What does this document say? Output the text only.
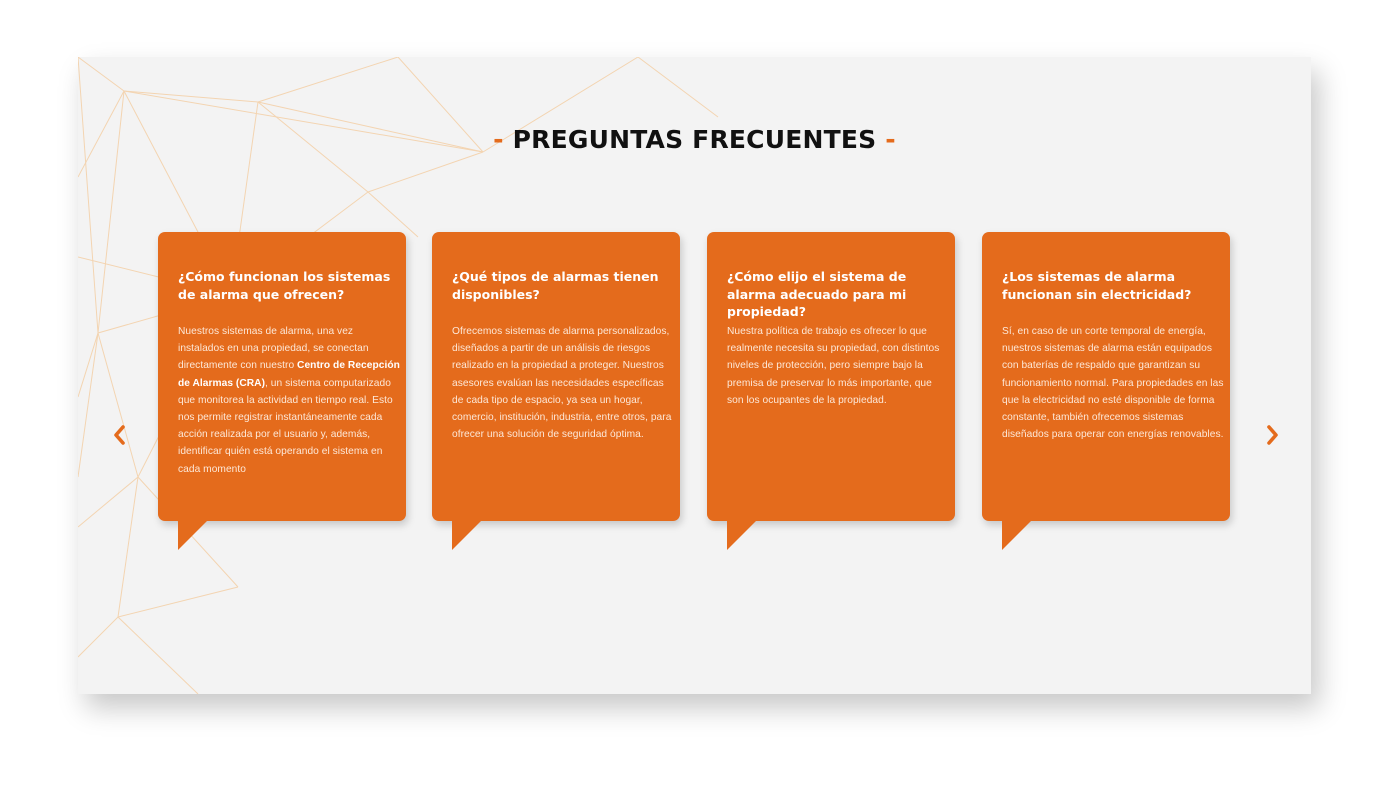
- PREGUNTAS FRECUENTES -
¿Cómo funcionan los sistemas de alarma que ofrecen?

Nuestros sistemas de alarma, una vez instalados en una propiedad, se conectan directamente con nuestro Centro de Recepción de Alarmas (CRA), un sistema computarizado que monitorea la actividad en tiempo real. Esto nos permite registrar instantáneamente cada acción realizada por el usuario y, además, identificar quién está operando el sistema en cada momento

¿Qué tipos de alarmas tienen disponibles?

Ofrecemos sistemas de alarma personalizados, diseñados a partir de un análisis de riesgos realizado en la propiedad a proteger. Nuestros asesores evalúan las necesidades específicas de cada tipo de espacio, ya sea un hogar, comercio, institución, industria, entre otros, para ofrecer una solución de seguridad óptima.

¿Cómo elijo el sistema de alarma adecuado para mi propiedad?

Nuestra política de trabajo es ofrecer lo que realmente necesita su propiedad, con distintos niveles de protección, pero siempre bajo la premisa de preservar lo más importante, que son los ocupantes de la propiedad.

¿Los sistemas de alarma funcionan sin electricidad?

Sí, en caso de un corte temporal de energía, nuestros sistemas de alarma están equipados con baterías de respaldo que garantizan su funcionamiento normal. Para propiedades en las que la electricidad no esté disponible de forma constante, también ofrecemos sistemas diseñados para operar con energías renovables.
